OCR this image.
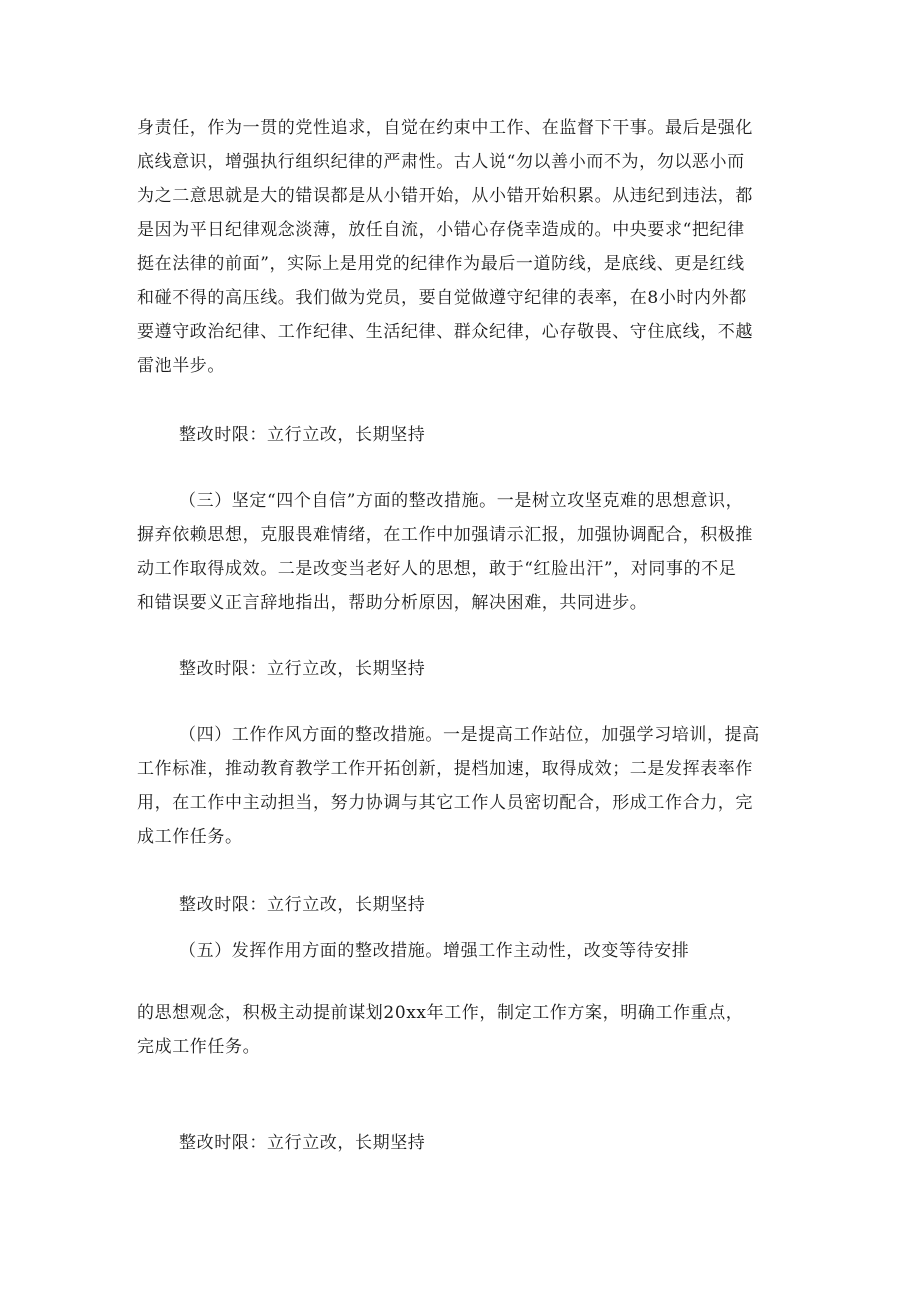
身责任，作为一贯的党性追求，自觉在约束中工作、在监督下干事。最后是强化
底线意识，增强执行组织纪律的严肃性。古人说“勿以善小而不为，勿以恶小而
为之二意思就是大的错误都是从小错开始，从小错开始积累。从违纪到违法，都
是因为平日纪律观念淡薄，放任自流，小错心存侥幸造成的。中央要求“把纪律
挺在法律的前面”，实际上是用党的纪律作为最后一道防线，是底线、更是红线
和碰不得的高压线。我们做为党员，要自觉做遵守纪律的表率，在8小时内外都
要遵守政治纪律、工作纪律、生活纪律、群众纪律，心存敬畏、守住底线，不越
雷池半步。
整改时限：立行立改，长期坚持
（三）坚定“四个自信”方面的整改措施。一是树立攻坚克难的思想意识，
摒弃依赖思想，克服畏难情绪，在工作中加强请示汇报，加强协调配合，积极推
动工作取得成效。二是改变当老好人的思想，敢于“红脸出汗”，对同事的不足
和错误要义正言辞地指出，帮助分析原因，解决困难，共同进步。
整改时限：立行立改，长期坚持
（四）工作作风方面的整改措施。一是提高工作站位，加强学习培训，提高
工作标准，推动教育教学工作开拓创新，提档加速，取得成效；二是发挥表率作
用，在工作中主动担当，努力协调与其它工作人员密切配合，形成工作合力，完
成工作任务。
整改时限：立行立改，长期坚持
（五）发挥作用方面的整改措施。增强工作主动性，改变等待安排
的思想观念，积极主动提前谋划20xx年工作，制定工作方案，明确工作重点，
完成工作任务。
整改时限：立行立改，长期坚持
